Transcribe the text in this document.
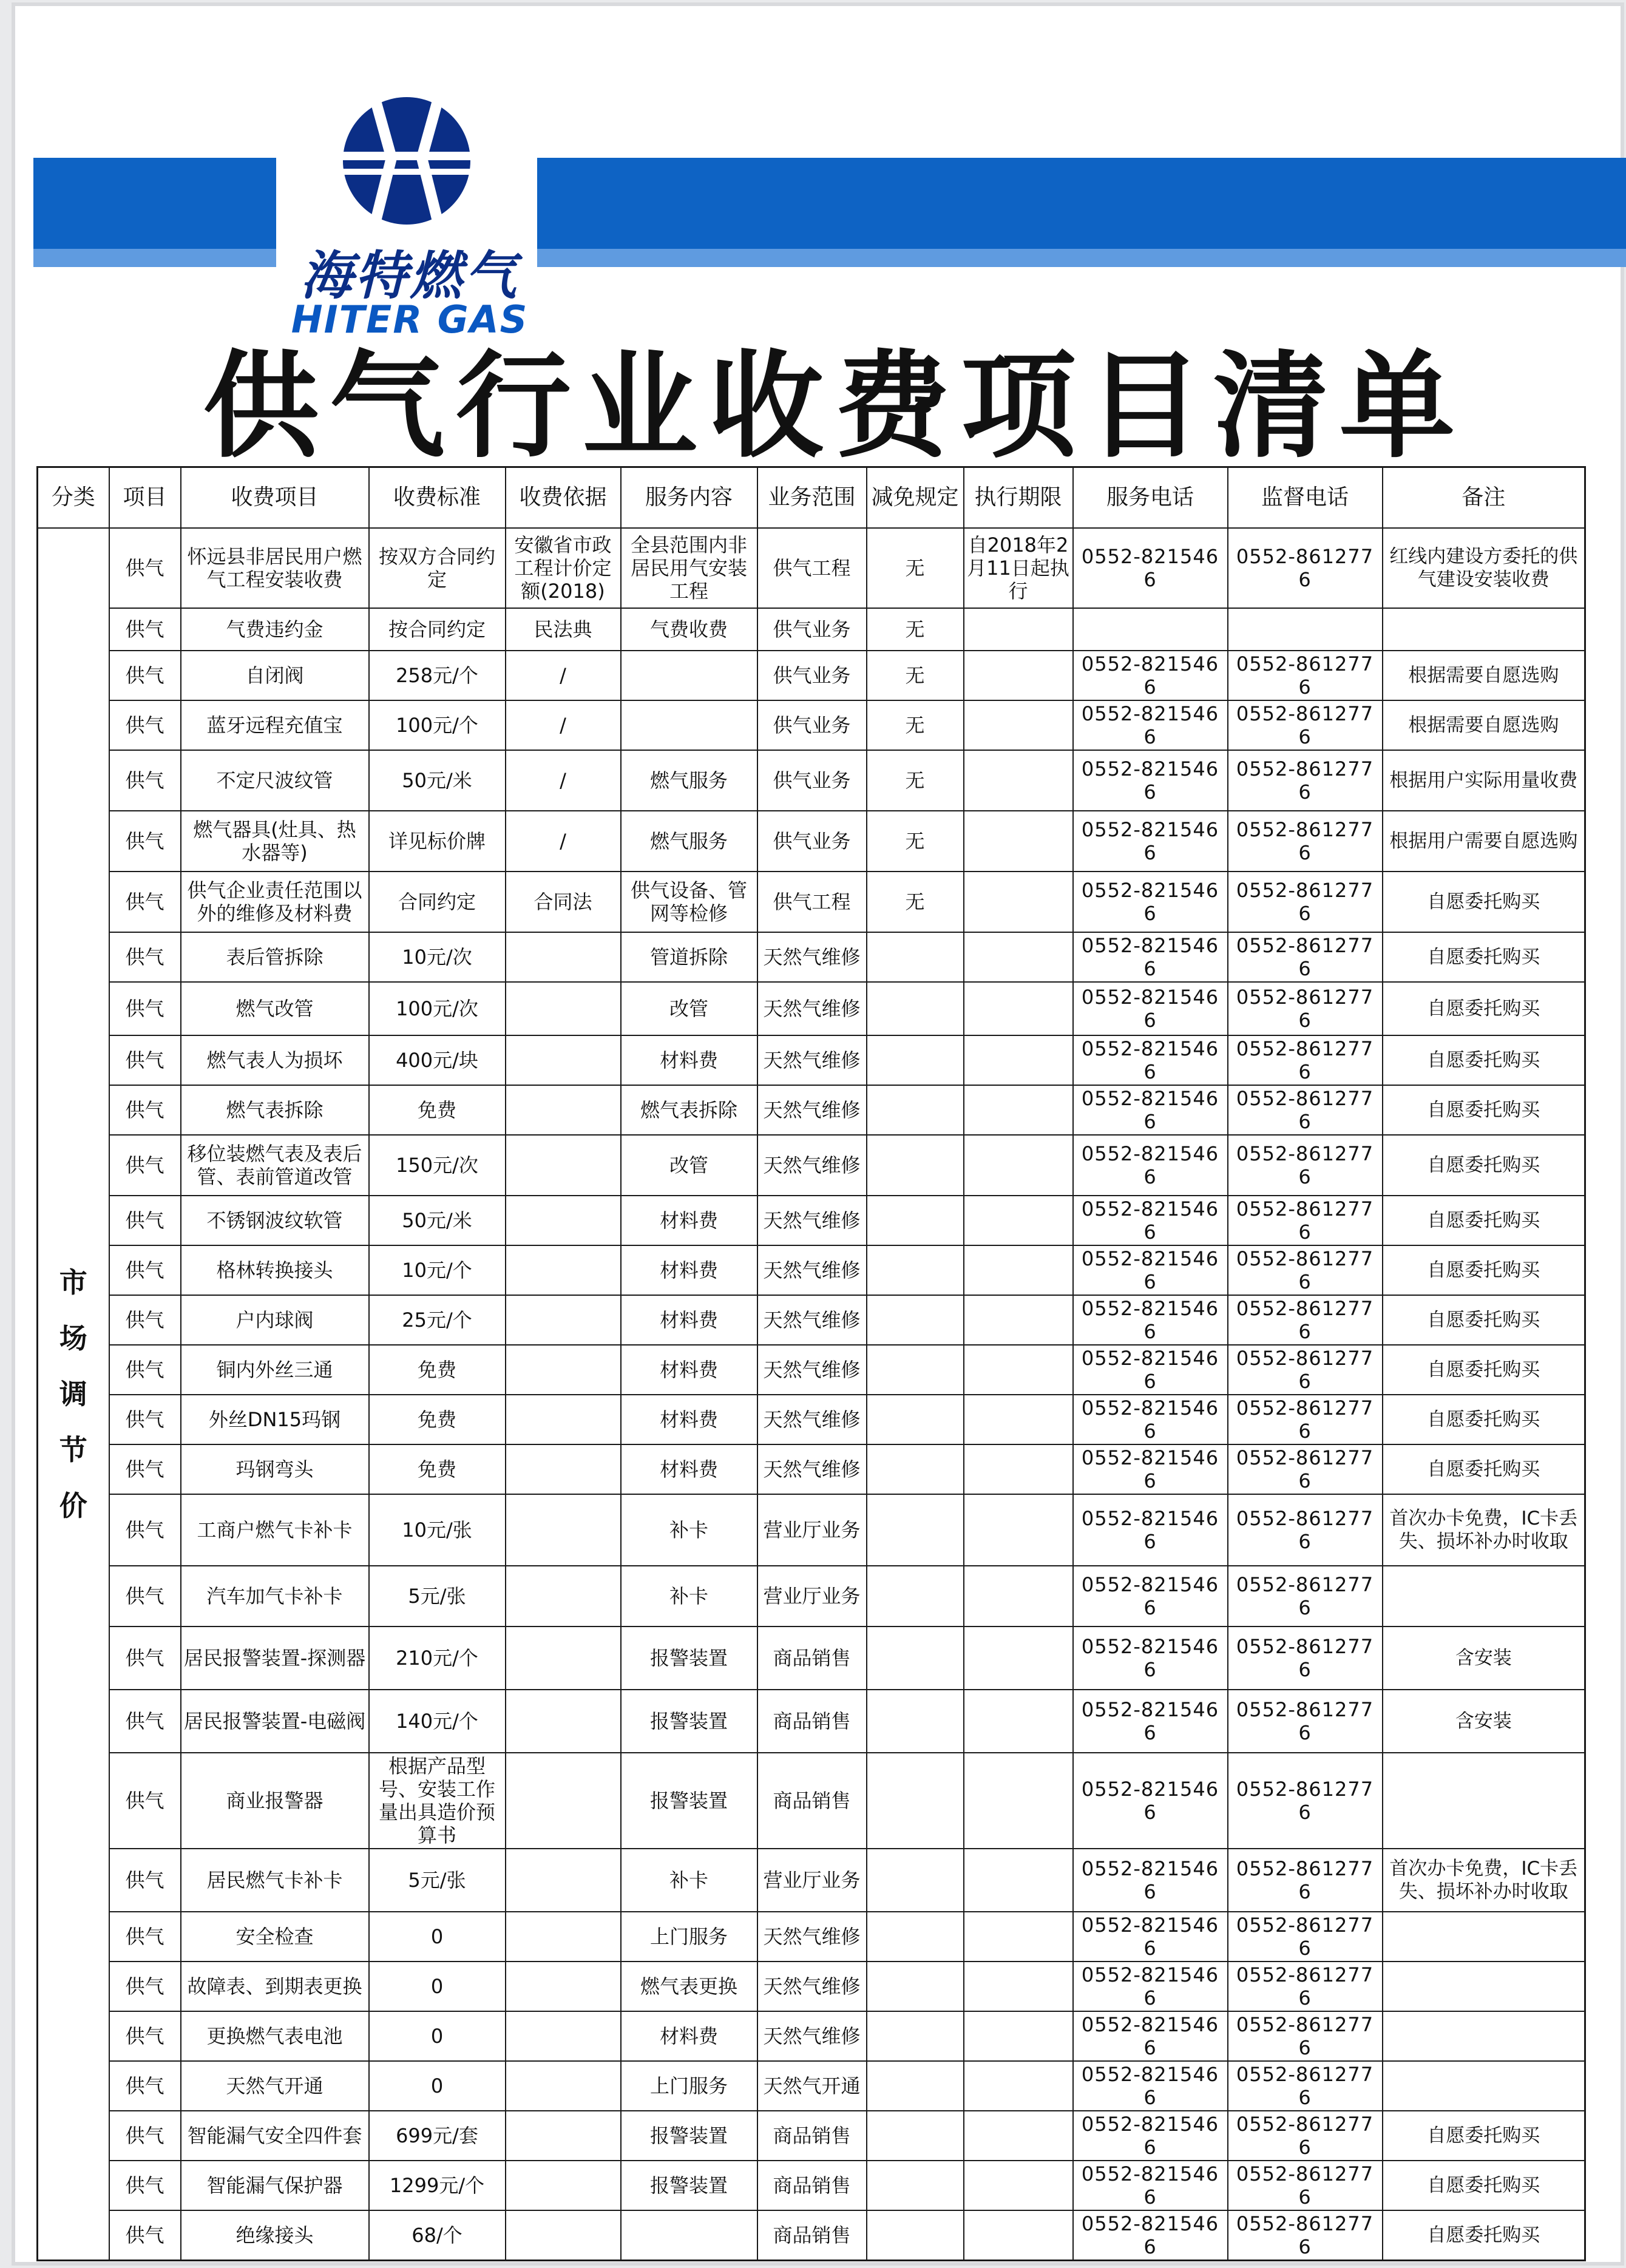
海特燃气
HITER GAS
供气行业收费项目清单
分类	项目	收费项目	收费标准	收费依据	服务内容	业务范围	减免规定	执行期限	服务电话	监督电话	备注

市场调节价	供气	怀远县非居民用户燃气工程安装收费	按双方合同约定	安徽省市政工程计价定额(2018)	全县范围内非居民用气安装工程	供气工程	无	自2018年2月11日起执行	0552-8215466	0552-8612776	红线内建设方委托的供气建设安装收费
	供气	气费违约金	按合同约定	民法典	气费收费	供气业务	无				
	供气	自闭阀	258元/个	/		供气业务	无		0552-8215466	0552-8612776	根据需要自愿选购
	供气	蓝牙远程充值宝	100元/个	/		供气业务	无		0552-8215466	0552-8612776	根据需要自愿选购
	供气	不定尺波纹管	50元/米	/	燃气服务	供气业务	无		0552-8215466	0552-8612776	根据用户实际用量收费
	供气	燃气器具(灶具、热水器等)	详见标价牌	/	燃气服务	供气业务	无		0552-8215466	0552-8612776	根据用户需要自愿选购
	供气	供气企业责任范围以外的维修及材料费	合同约定	合同法	供气设备、管网等检修	供气工程	无		0552-8215466	0552-8612776	自愿委托购买
	供气	表后管拆除	10元/次		管道拆除	天然气维修			0552-8215466	0552-8612776	自愿委托购买
	供气	燃气改管	100元/次		改管	天然气维修			0552-8215466	0552-8612776	自愿委托购买
	供气	燃气表人为损坏	400元/块		材料费	天然气维修			0552-8215466	0552-8612776	自愿委托购买
	供气	燃气表拆除	免费		燃气表拆除	天然气维修			0552-8215466	0552-8612776	自愿委托购买
	供气	移位装燃气表及表后管、表前管道改管	150元/次		改管	天然气维修			0552-8215466	0552-8612776	自愿委托购买
	供气	不锈钢波纹软管	50元/米		材料费	天然气维修			0552-8215466	0552-8612776	自愿委托购买
	供气	格林转换接头	10元/个		材料费	天然气维修			0552-8215466	0552-8612776	自愿委托购买
	供气	户内球阀	25元/个		材料费	天然气维修			0552-8215466	0552-8612776	自愿委托购买
	供气	铜内外丝三通	免费		材料费	天然气维修			0552-8215466	0552-8612776	自愿委托购买
	供气	外丝DN15玛钢	免费		材料费	天然气维修			0552-8215466	0552-8612776	自愿委托购买
	供气	玛钢弯头	免费		材料费	天然气维修			0552-8215466	0552-8612776	自愿委托购买
	供气	工商户燃气卡补卡	10元/张		补卡	营业厅业务			0552-8215466	0552-8612776	首次办卡免费，IC卡丢失、损坏补办时收取
	供气	汽车加气卡补卡	5元/张		补卡	营业厅业务			0552-8215466	0552-8612776	
	供气	居民报警装置-探测器	210元/个		报警装置	商品销售			0552-8215466	0552-8612776	含安装
	供气	居民报警装置-电磁阀	140元/个		报警装置	商品销售			0552-8215466	0552-8612776	含安装
	供气	商业报警器	根据产品型号、安装工作量出具造价预算书		报警装置	商品销售			0552-8215466	0552-8612776	
	供气	居民燃气卡补卡	5元/张		补卡	营业厅业务			0552-8215466	0552-8612776	首次办卡免费，IC卡丢失、损坏补办时收取
	供气	安全检查	0		上门服务	天然气维修			0552-8215466	0552-8612776	
	供气	故障表、到期表更换	0		燃气表更换	天然气维修			0552-8215466	0552-8612776	
	供气	更换燃气表电池	0		材料费	天然气维修			0552-8215466	0552-8612776	
	供气	天然气开通	0		上门服务	天然气开通			0552-8215466	0552-8612776	
	供气	智能漏气安全四件套	699元/套		报警装置	商品销售			0552-8215466	0552-8612776	自愿委托购买
	供气	智能漏气保护器	1299元/个		报警装置	商品销售			0552-8215466	0552-8612776	自愿委托购买
	供气	绝缘接头	68/个			商品销售			0552-8215466	0552-8612776	自愿委托购买
